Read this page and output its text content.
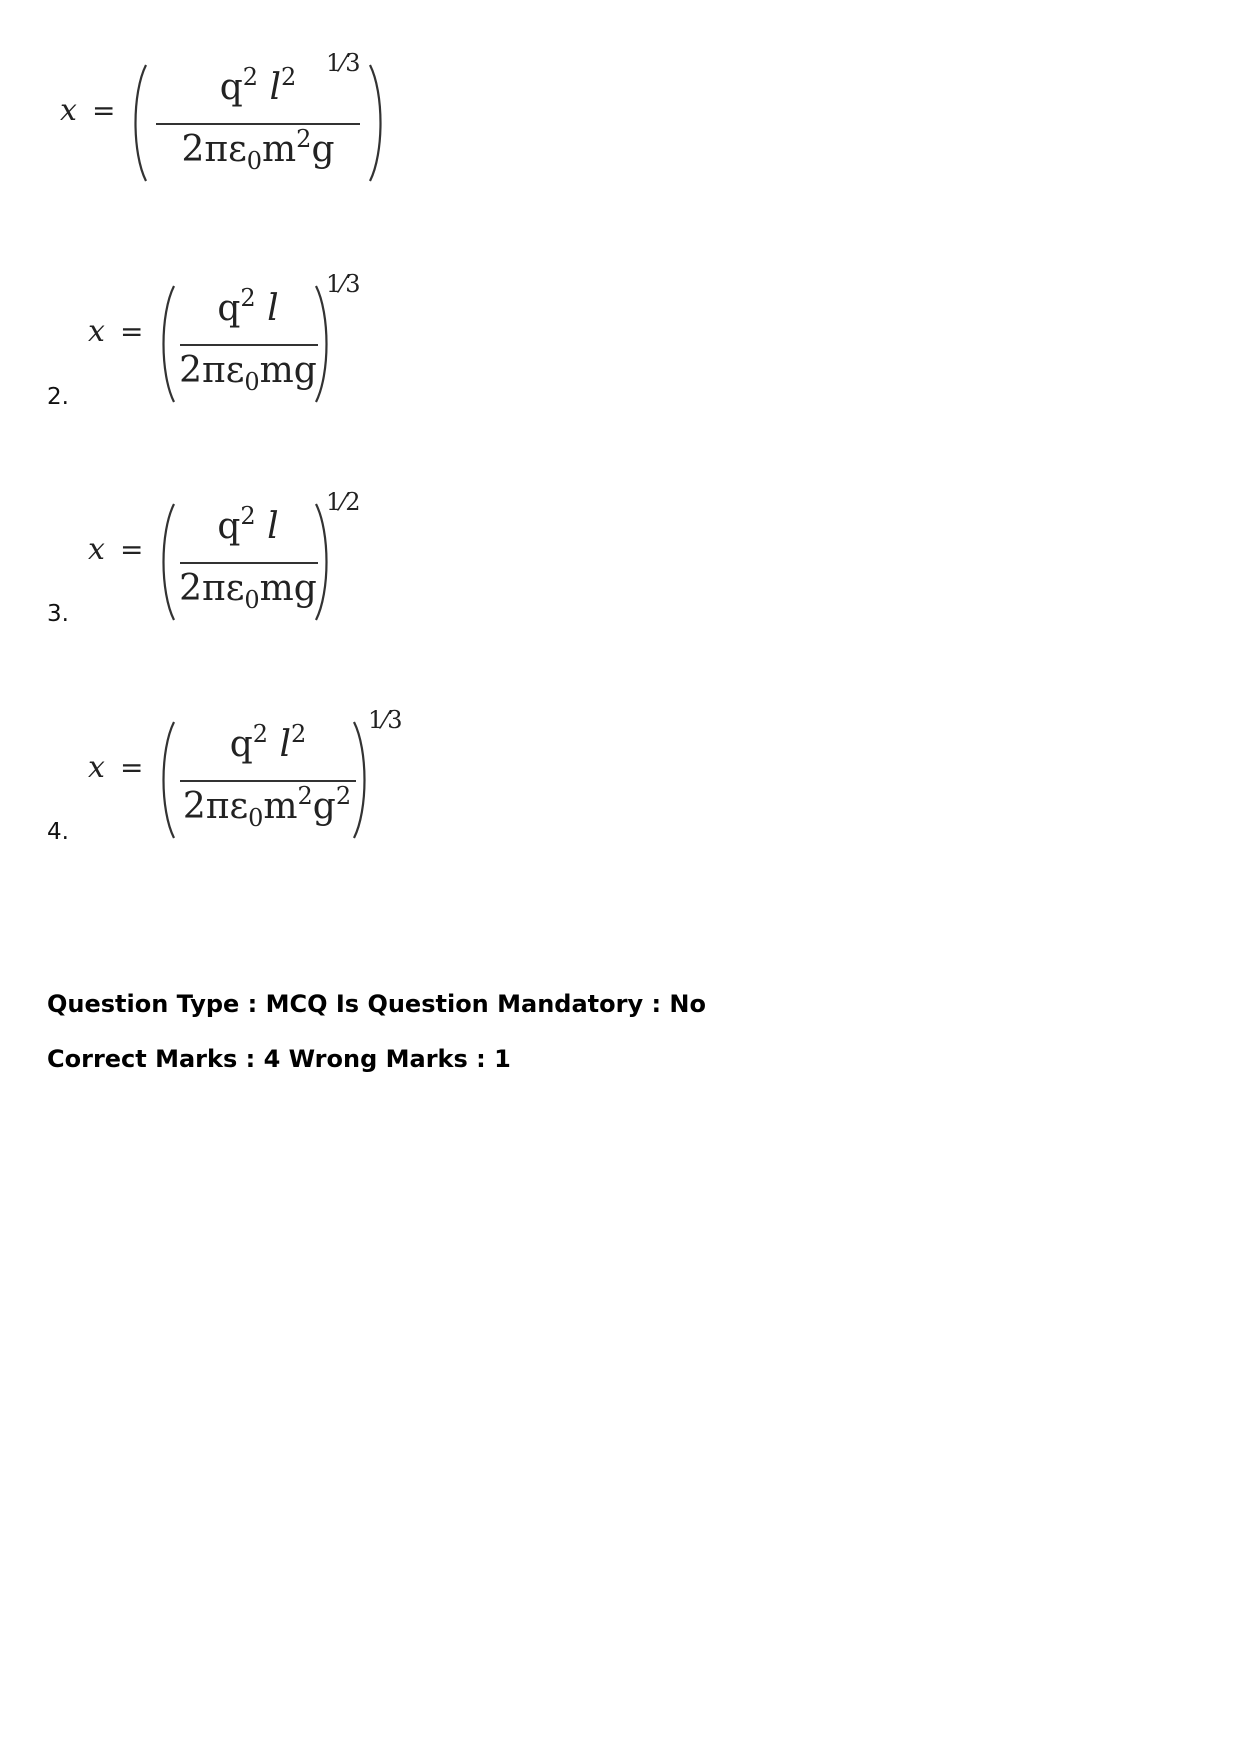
x =
$q^2$ $l^2$
$2\pi\varepsilon_0m^2g$
1⁄3
2.
x =
$q^2$ l
$2\pi\varepsilon_0mg$
1⁄3
3.
x =
$q^2$ l
$2\pi\varepsilon_0mg$
1⁄2
4.
x =
$q^2$ $l^2$
$2\pi\varepsilon_0m^2g^2$
1⁄3
Question Type : MCQ Is Question Mandatory : No
Correct Marks : 4 Wrong Marks : 1
